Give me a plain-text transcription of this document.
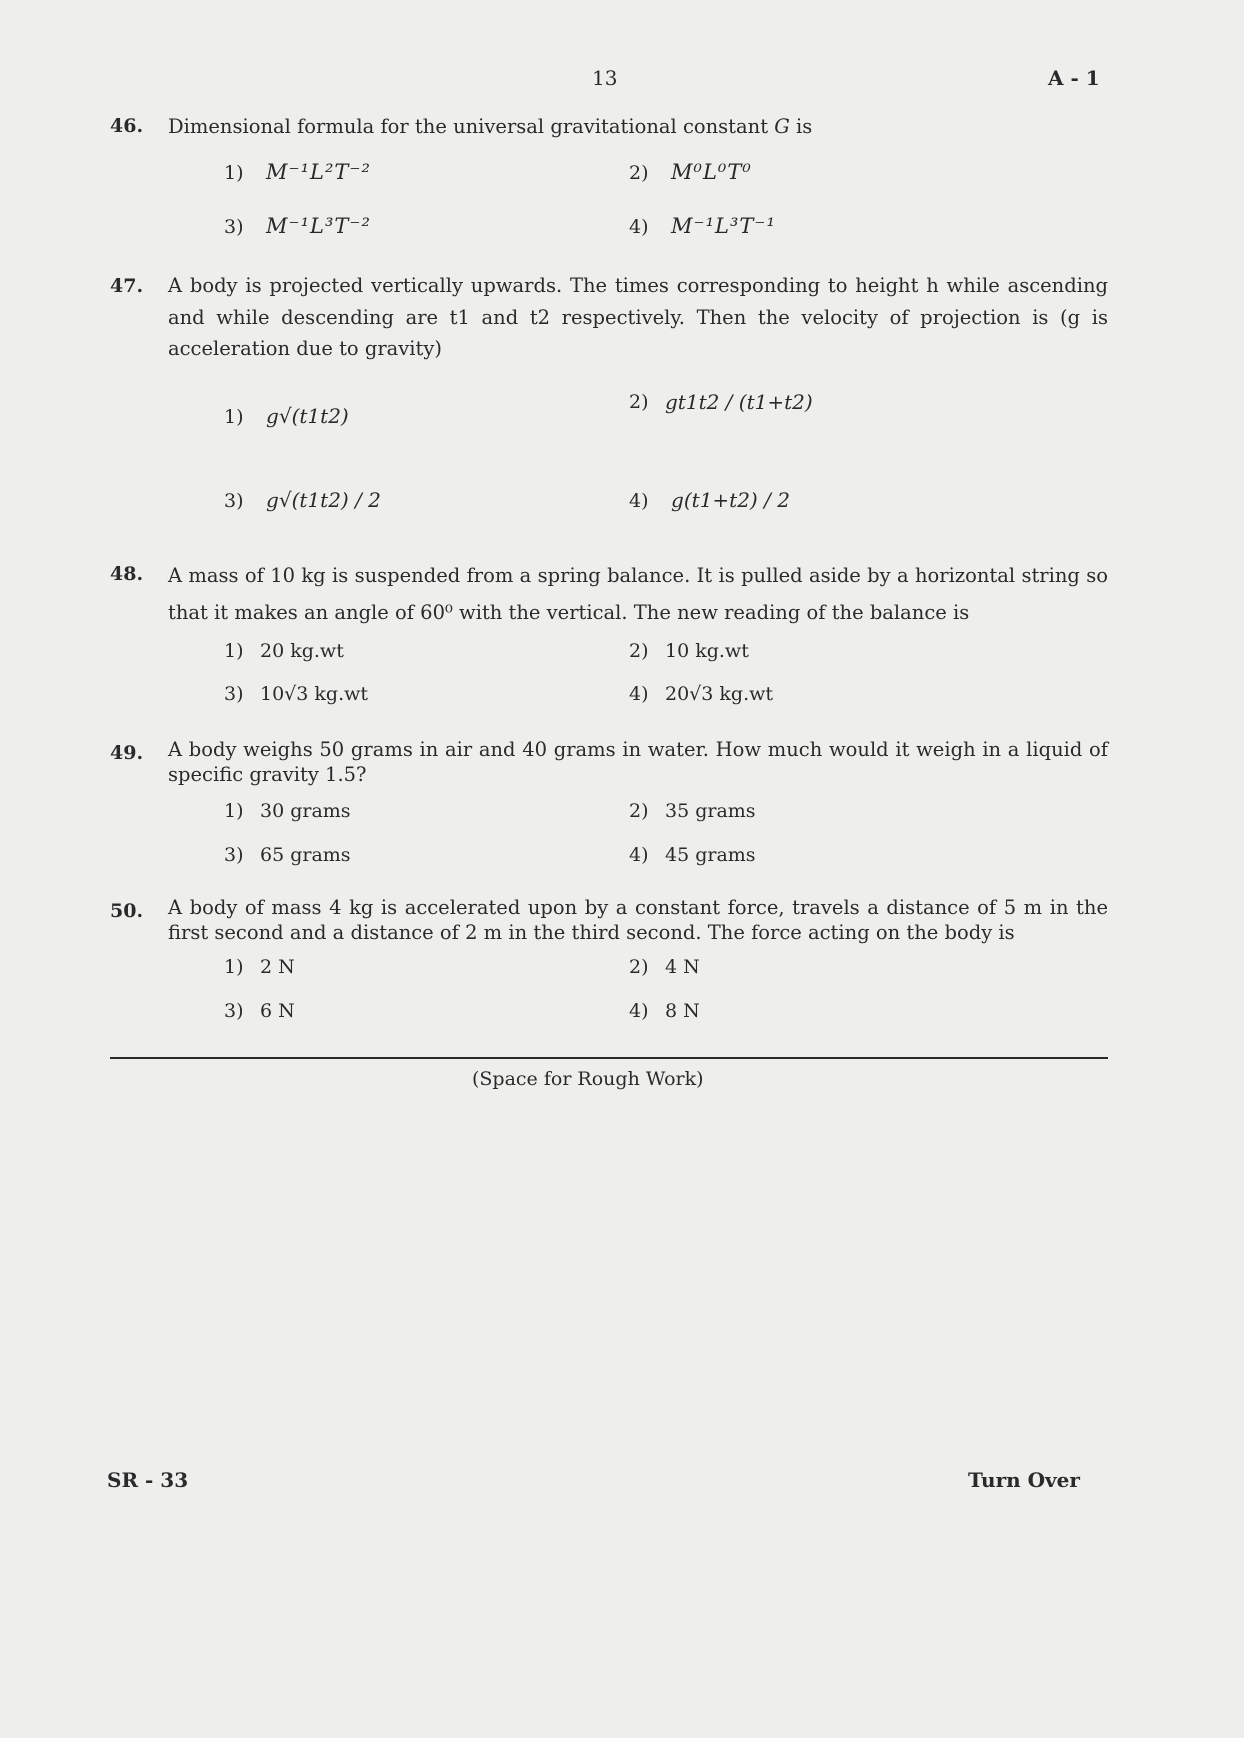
13	A - 1
46. Dimensional formula for the universal gravitational constant G is
1) M⁻¹L²T⁻²	2) M⁰L⁰T⁰
3) M⁻¹L³T⁻²	4) M⁻¹L³T⁻¹
47. A body is projected vertically upwards. The times corresponding to height h while ascending and while descending are t1 and t2 respectively. Then the velocity of projection is (g is acceleration due to gravity)
1) g√(t1t2)
2) gt1t2 / (t1+t2)
3) g√(t1t2) / 2	4) g(t1+t2) / 2
48. A mass of 10 kg is suspended from a spring balance. It is pulled aside by a horizontal string so that it makes an angle of 60⁰ with the vertical. The new reading of the balance is
1) 20 kg.wt	2) 10 kg.wt
3) 10√3 kg.wt	4) 20√3 kg.wt
49. A body weighs 50 grams in air and 40 grams in water. How much would it weigh in a liquid of specific gravity 1.5?
1) 30 grams	2) 35 grams
3) 65 grams	4) 45 grams
50. A body of mass 4 kg is accelerated upon by a constant force, travels a distance of 5 m in the first second and a distance of 2 m in the third second. The force acting on the body is
1) 2 N	2) 4 N
3) 6 N	4) 8 N
(Space for Rough Work)
SR - 33	Turn Over
